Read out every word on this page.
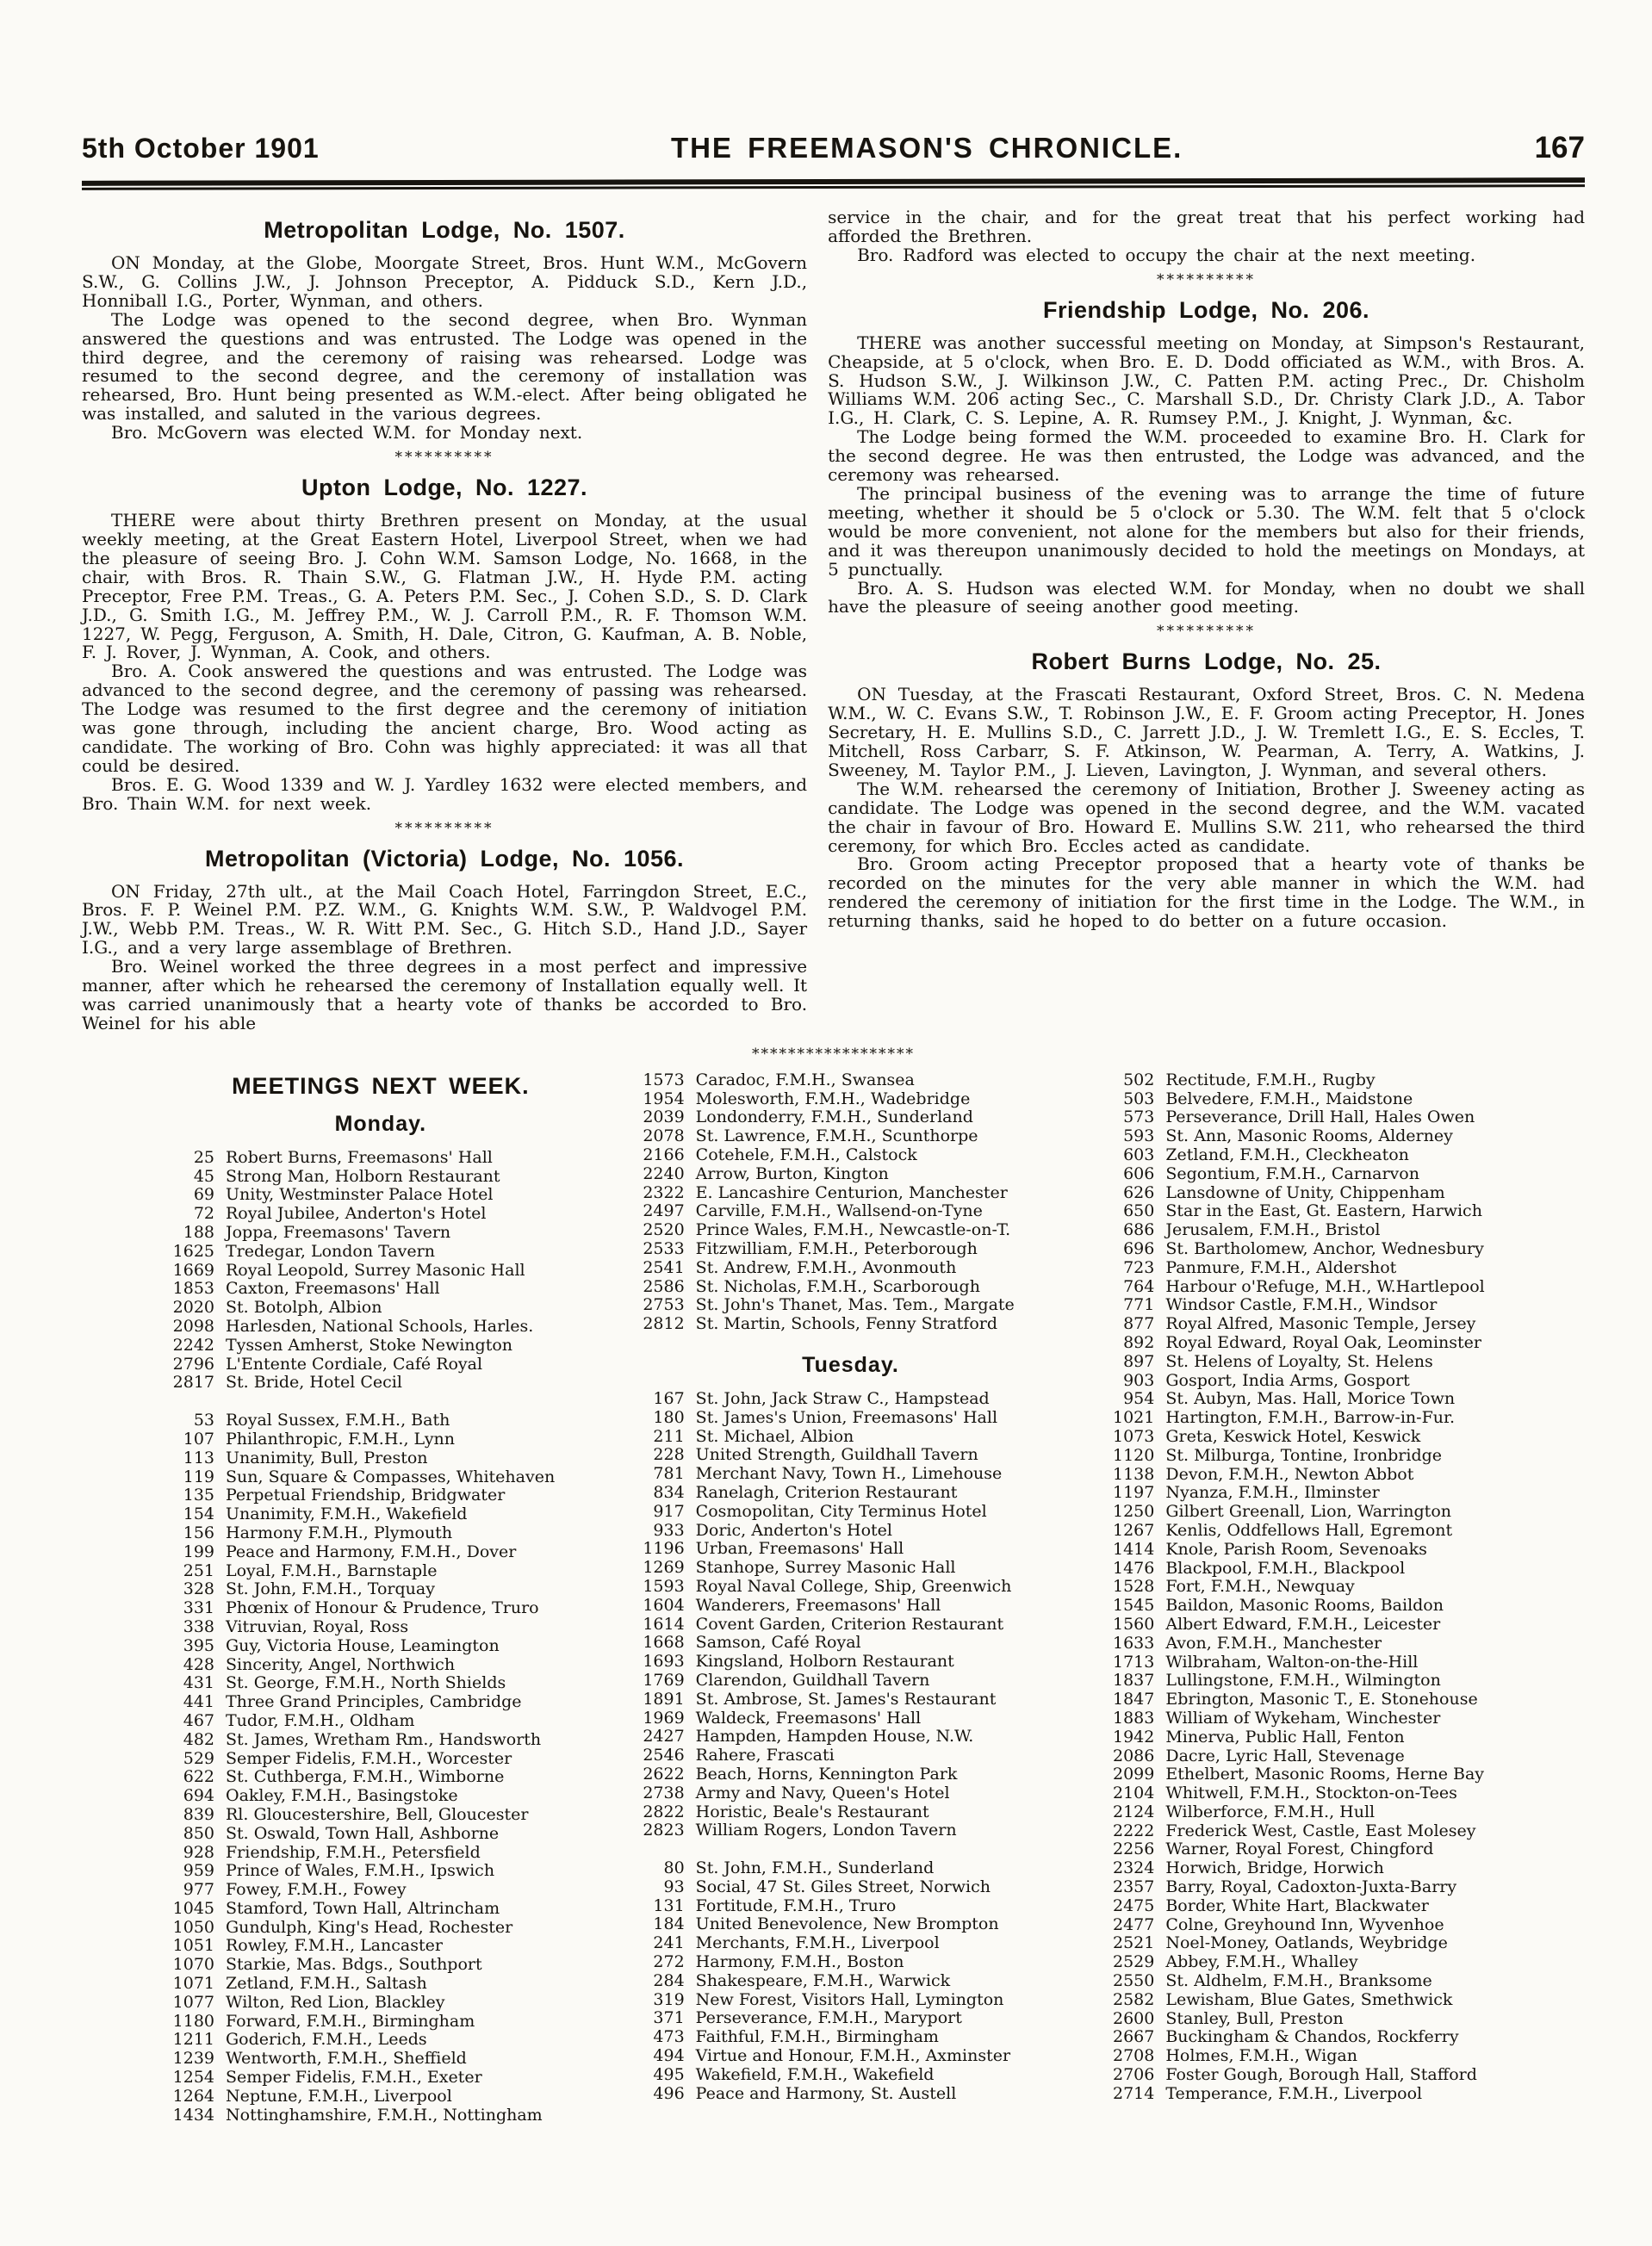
5th October 1901	THE FREEMASON'S CHRONICLE.	167
Metropolitan Lodge, No. 1507.

ON Monday, at the Globe, Moorgate Street, Bros. Hunt W.M., McGovern S.W., G. Collins J.W., J. Johnson Preceptor, A. Pidduck S.D., Kern J.D., Honniball I.G., Porter, Wynman, and others.

The Lodge was opened to the second degree, when Bro. Wynman answered the questions and was entrusted. The Lodge was opened in the third degree, and the ceremony of raising was rehearsed. Lodge was resumed to the second degree, and the ceremony of installation was rehearsed, Bro. Hunt being presented as W.M.-elect. After being obligated he was installed, and saluted in the various degrees.

Bro. McGovern was elected W.M. for Monday next.

**********
Upton Lodge, No. 1227.

THERE were about thirty Brethren present on Monday, at the usual weekly meeting, at the Great Eastern Hotel, Liverpool Street, when we had the pleasure of seeing Bro. J. Cohn W.M. Samson Lodge, No. 1668, in the chair, with Bros. R. Thain S.W., G. Flatman J.W., H. Hyde P.M. acting Preceptor, Free P.M. Treas., G. A. Peters P.M. Sec., J. Cohen S.D., S. D. Clark J.D., G. Smith I.G., M. Jeffrey P.M., W. J. Carroll P.M., R. F. Thomson W.M. 1227, W. Pegg, Ferguson, A. Smith, H. Dale, Citron, G. Kaufman, A. B. Noble, F. J. Rover, J. Wynman, A. Cook, and others.

Bro. A. Cook answered the questions and was entrusted. The Lodge was advanced to the second degree, and the ceremony of passing was rehearsed. The Lodge was resumed to the first degree and the ceremony of initiation was gone through, including the ancient charge, Bro. Wood acting as candidate. The working of Bro. Cohn was highly appreciated: it was all that could be desired.

Bros. E. G. Wood 1339 and W. J. Yardley 1632 were elected members, and Bro. Thain W.M. for next week.

**********
Metropolitan (Victoria) Lodge, No. 1056.

ON Friday, 27th ult., at the Mail Coach Hotel, Farringdon Street, E.C., Bros. F. P. Weinel P.M. P.Z. W.M., G. Knights W.M. S.W., P. Waldvogel P.M. J.W., Webb P.M. Treas., W. R. Witt P.M. Sec., G. Hitch S.D., Hand J.D., Sayer I.G., and a very large assemblage of Brethren.

Bro. Weinel worked the three degrees in a most perfect and impressive manner, after which he rehearsed the ceremony of Installation equally well. It was carried unanimously that a hearty vote of thanks be accorded to Bro. Weinel for his able

service in the chair, and for the great treat that his perfect working had afforded the Brethren.

Bro. Radford was elected to occupy the chair at the next meeting.

**********
Friendship Lodge, No. 206.

THERE was another successful meeting on Monday, at Simpson's Restaurant, Cheapside, at 5 o'clock, when Bro. E. D. Dodd officiated as W.M., with Bros. A. S. Hudson S.W., J. Wilkinson J.W., C. Patten P.M. acting Prec., Dr. Chisholm Williams W.M. 206 acting Sec., C. Marshall S.D., Dr. Christy Clark J.D., A. Tabor I.G., H. Clark, C. S. Lepine, A. R. Rumsey P.M., J. Knight, J. Wynman, &c.

The Lodge being formed the W.M. proceeded to examine Bro. H. Clark for the second degree. He was then entrusted, the Lodge was advanced, and the ceremony was rehearsed.

The principal business of the evening was to arrange the time of future meeting, whether it should be 5 o'clock or 5.30. The W.M. felt that 5 o'clock would be more convenient, not alone for the members but also for their friends, and it was thereupon unanimously decided to hold the meetings on Mondays, at 5 punctually.

Bro. A. S. Hudson was elected W.M. for Monday, when no doubt we shall have the pleasure of seeing another good meeting.

**********
Robert Burns Lodge, No. 25.

ON Tuesday, at the Frascati Restaurant, Oxford Street, Bros. C. N. Medena W.M., W. C. Evans S.W., T. Robinson J.W., E. F. Groom acting Preceptor, H. Jones Secretary, H. E. Mullins S.D., C. Jarrett J.D., J. W. Tremlett I.G., E. S. Eccles, T. Mitchell, Ross Carbarr, S. F. Atkinson, W. Pearman, A. Terry, A. Watkins, J. Sweeney, M. Taylor P.M., J. Lieven, Lavington, J. Wynman, and several others.

The W.M. rehearsed the ceremony of Initiation, Brother J. Sweeney acting as candidate. The Lodge was opened in the second degree, and the W.M. vacated the chair in favour of Bro. Howard E. Mullins S.W. 211, who rehearsed the third ceremony, for which Bro. Eccles acted as candidate.

Bro. Groom acting Preceptor proposed that a hearty vote of thanks be recorded on the minutes for the very able manner in which the W.M. had rendered the ceremony of initiation for the first time in the Lodge. The W.M., in returning thanks, said he hoped to do better on a future occasion.

******************
MEETINGS NEXT WEEK.
Monday.
25 Robert Burns, Freemasons' Hall
45 Strong Man, Holborn Restaurant
69 Unity, Westminster Palace Hotel
72 Royal Jubilee, Anderton's Hotel
188 Joppa, Freemasons' Tavern
1625 Tredegar, London Tavern
1669 Royal Leopold, Surrey Masonic Hall
1853 Caxton, Freemasons' Hall
2020 St. Botolph, Albion
2098 Harlesden, National Schools, Harles.
2242 Tyssen Amherst, Stoke Newington
2796 L'Entente Cordiale, Café Royal
2817 St. Bride, Hotel Cecil
53 Royal Sussex, F.M.H., Bath
107 Philanthropic, F.M.H., Lynn
113 Unanimity, Bull, Preston
119 Sun, Square & Compasses, Whitehaven
135 Perpetual Friendship, Bridgwater
154 Unanimity, F.M.H., Wakefield
156 Harmony F.M.H., Plymouth
199 Peace and Harmony, F.M.H., Dover
251 Loyal, F.M.H., Barnstaple
328 St. John, F.M.H., Torquay
331 Phœnix of Honour & Prudence, Truro
338 Vitruvian, Royal, Ross
395 Guy, Victoria House, Leamington
428 Sincerity, Angel, Northwich
431 St. George, F.M.H., North Shields
441 Three Grand Principles, Cambridge
467 Tudor, F.M.H., Oldham
482 St. James, Wretham Rm., Handsworth
529 Semper Fidelis, F.M.H., Worcester
622 St. Cuthberga, F.M.H., Wimborne
694 Oakley, F.M.H., Basingstoke
839 Rl. Gloucestershire, Bell, Gloucester
850 St. Oswald, Town Hall, Ashborne
928 Friendship, F.M.H., Petersfield
959 Prince of Wales, F.M.H., Ipswich
977 Fowey, F.M.H., Fowey
1045 Stamford, Town Hall, Altrincham
1050 Gundulph, King's Head, Rochester
1051 Rowley, F.M.H., Lancaster
1070 Starkie, Mas. Bdgs., Southport
1071 Zetland, F.M.H., Saltash
1077 Wilton, Red Lion, Blackley
1180 Forward, F.M.H., Birmingham
1211 Goderich, F.M.H., Leeds
1239 Wentworth, F.M.H., Sheffield
1254 Semper Fidelis, F.M.H., Exeter
1264 Neptune, F.M.H., Liverpool
1434 Nottinghamshire, F.M.H., Nottingham
1573 Caradoc, F.M.H., Swansea
1954 Molesworth, F.M.H., Wadebridge
2039 Londonderry, F.M.H., Sunderland
2078 St. Lawrence, F.M.H., Scunthorpe
2166 Cotehele, F.M.H., Calstock
2240 Arrow, Burton, Kington
2322 E. Lancashire Centurion, Manchester
2497 Carville, F.M.H., Wallsend-on-Tyne
2520 Prince Wales, F.M.H., Newcastle-on-T.
2533 Fitzwilliam, F.M.H., Peterborough
2541 St. Andrew, F.M.H., Avonmouth
2586 St. Nicholas, F.M.H., Scarborough
2753 St. John's Thanet, Mas. Tem., Margate
2812 St. Martin, Schools, Fenny Stratford
Tuesday.
167 St. John, Jack Straw C., Hampstead
180 St. James's Union, Freemasons' Hall
211 St. Michael, Albion
228 United Strength, Guildhall Tavern
781 Merchant Navy, Town H., Limehouse
834 Ranelagh, Criterion Restaurant
917 Cosmopolitan, City Terminus Hotel
933 Doric, Anderton's Hotel
1196 Urban, Freemasons' Hall
1269 Stanhope, Surrey Masonic Hall
1593 Royal Naval College, Ship, Greenwich
1604 Wanderers, Freemasons' Hall
1614 Covent Garden, Criterion Restaurant
1668 Samson, Café Royal
1693 Kingsland, Holborn Restaurant
1769 Clarendon, Guildhall Tavern
1891 St. Ambrose, St. James's Restaurant
1969 Waldeck, Freemasons' Hall
2427 Hampden, Hampden House, N.W.
2546 Rahere, Frascati
2622 Beach, Horns, Kennington Park
2738 Army and Navy, Queen's Hotel
2822 Horistic, Beale's Restaurant
2823 William Rogers, London Tavern
80 St. John, F.M.H., Sunderland
93 Social, 47 St. Giles Street, Norwich
131 Fortitude, F.M.H., Truro
184 United Benevolence, New Brompton
241 Merchants, F.M.H., Liverpool
272 Harmony, F.M.H., Boston
284 Shakespeare, F.M.H., Warwick
319 New Forest, Visitors Hall, Lymington
371 Perseverance, F.M.H., Maryport
473 Faithful, F.M.H., Birmingham
494 Virtue and Honour, F.M.H., Axminster
495 Wakefield, F.M.H., Wakefield
496 Peace and Harmony, St. Austell
502 Rectitude, F.M.H., Rugby
503 Belvedere, F.M.H., Maidstone
573 Perseverance, Drill Hall, Hales Owen
593 St. Ann, Masonic Rooms, Alderney
603 Zetland, F.M.H., Cleckheaton
606 Segontium, F.M.H., Carnarvon
626 Lansdowne of Unity, Chippenham
650 Star in the East, Gt. Eastern, Harwich
686 Jerusalem, F.M.H., Bristol
696 St. Bartholomew, Anchor, Wednesbury
723 Panmure, F.M.H., Aldershot
764 Harbour o'Refuge, M.H., W.Hartlepool
771 Windsor Castle, F.M.H., Windsor
877 Royal Alfred, Masonic Temple, Jersey
892 Royal Edward, Royal Oak, Leominster
897 St. Helens of Loyalty, St. Helens
903 Gosport, India Arms, Gosport
954 St. Aubyn, Mas. Hall, Morice Town
1021 Hartington, F.M.H., Barrow-in-Fur.
1073 Greta, Keswick Hotel, Keswick
1120 St. Milburga, Tontine, Ironbridge
1138 Devon, F.M.H., Newton Abbot
1197 Nyanza, F.M.H., Ilminster
1250 Gilbert Greenall, Lion, Warrington
1267 Kenlis, Oddfellows Hall, Egremont
1414 Knole, Parish Room, Sevenoaks
1476 Blackpool, F.M.H., Blackpool
1528 Fort, F.M.H., Newquay
1545 Baildon, Masonic Rooms, Baildon
1560 Albert Edward, F.M.H., Leicester
1633 Avon, F.M.H., Manchester
1713 Wilbraham, Walton-on-the-Hill
1837 Lullingstone, F.M.H., Wilmington
1847 Ebrington, Masonic T., E. Stonehouse
1883 William of Wykeham, Winchester
1942 Minerva, Public Hall, Fenton
2086 Dacre, Lyric Hall, Stevenage
2099 Ethelbert, Masonic Rooms, Herne Bay
2104 Whitwell, F.M.H., Stockton-on-Tees
2124 Wilberforce, F.M.H., Hull
2222 Frederick West, Castle, East Molesey
2256 Warner, Royal Forest, Chingford
2324 Horwich, Bridge, Horwich
2357 Barry, Royal, Cadoxton-Juxta-Barry
2475 Border, White Hart, Blackwater
2477 Colne, Greyhound Inn, Wyvenhoe
2521 Noel-Money, Oatlands, Weybridge
2529 Abbey, F.M.H., Whalley
2550 St. Aldhelm, F.M.H., Branksome
2582 Lewisham, Blue Gates, Smethwick
2600 Stanley, Bull, Preston
2667 Buckingham & Chandos, Rockferry
2708 Holmes, F.M.H., Wigan
2706 Foster Gough, Borough Hall, Stafford
2714 Temperance, F.M.H., Liverpool
